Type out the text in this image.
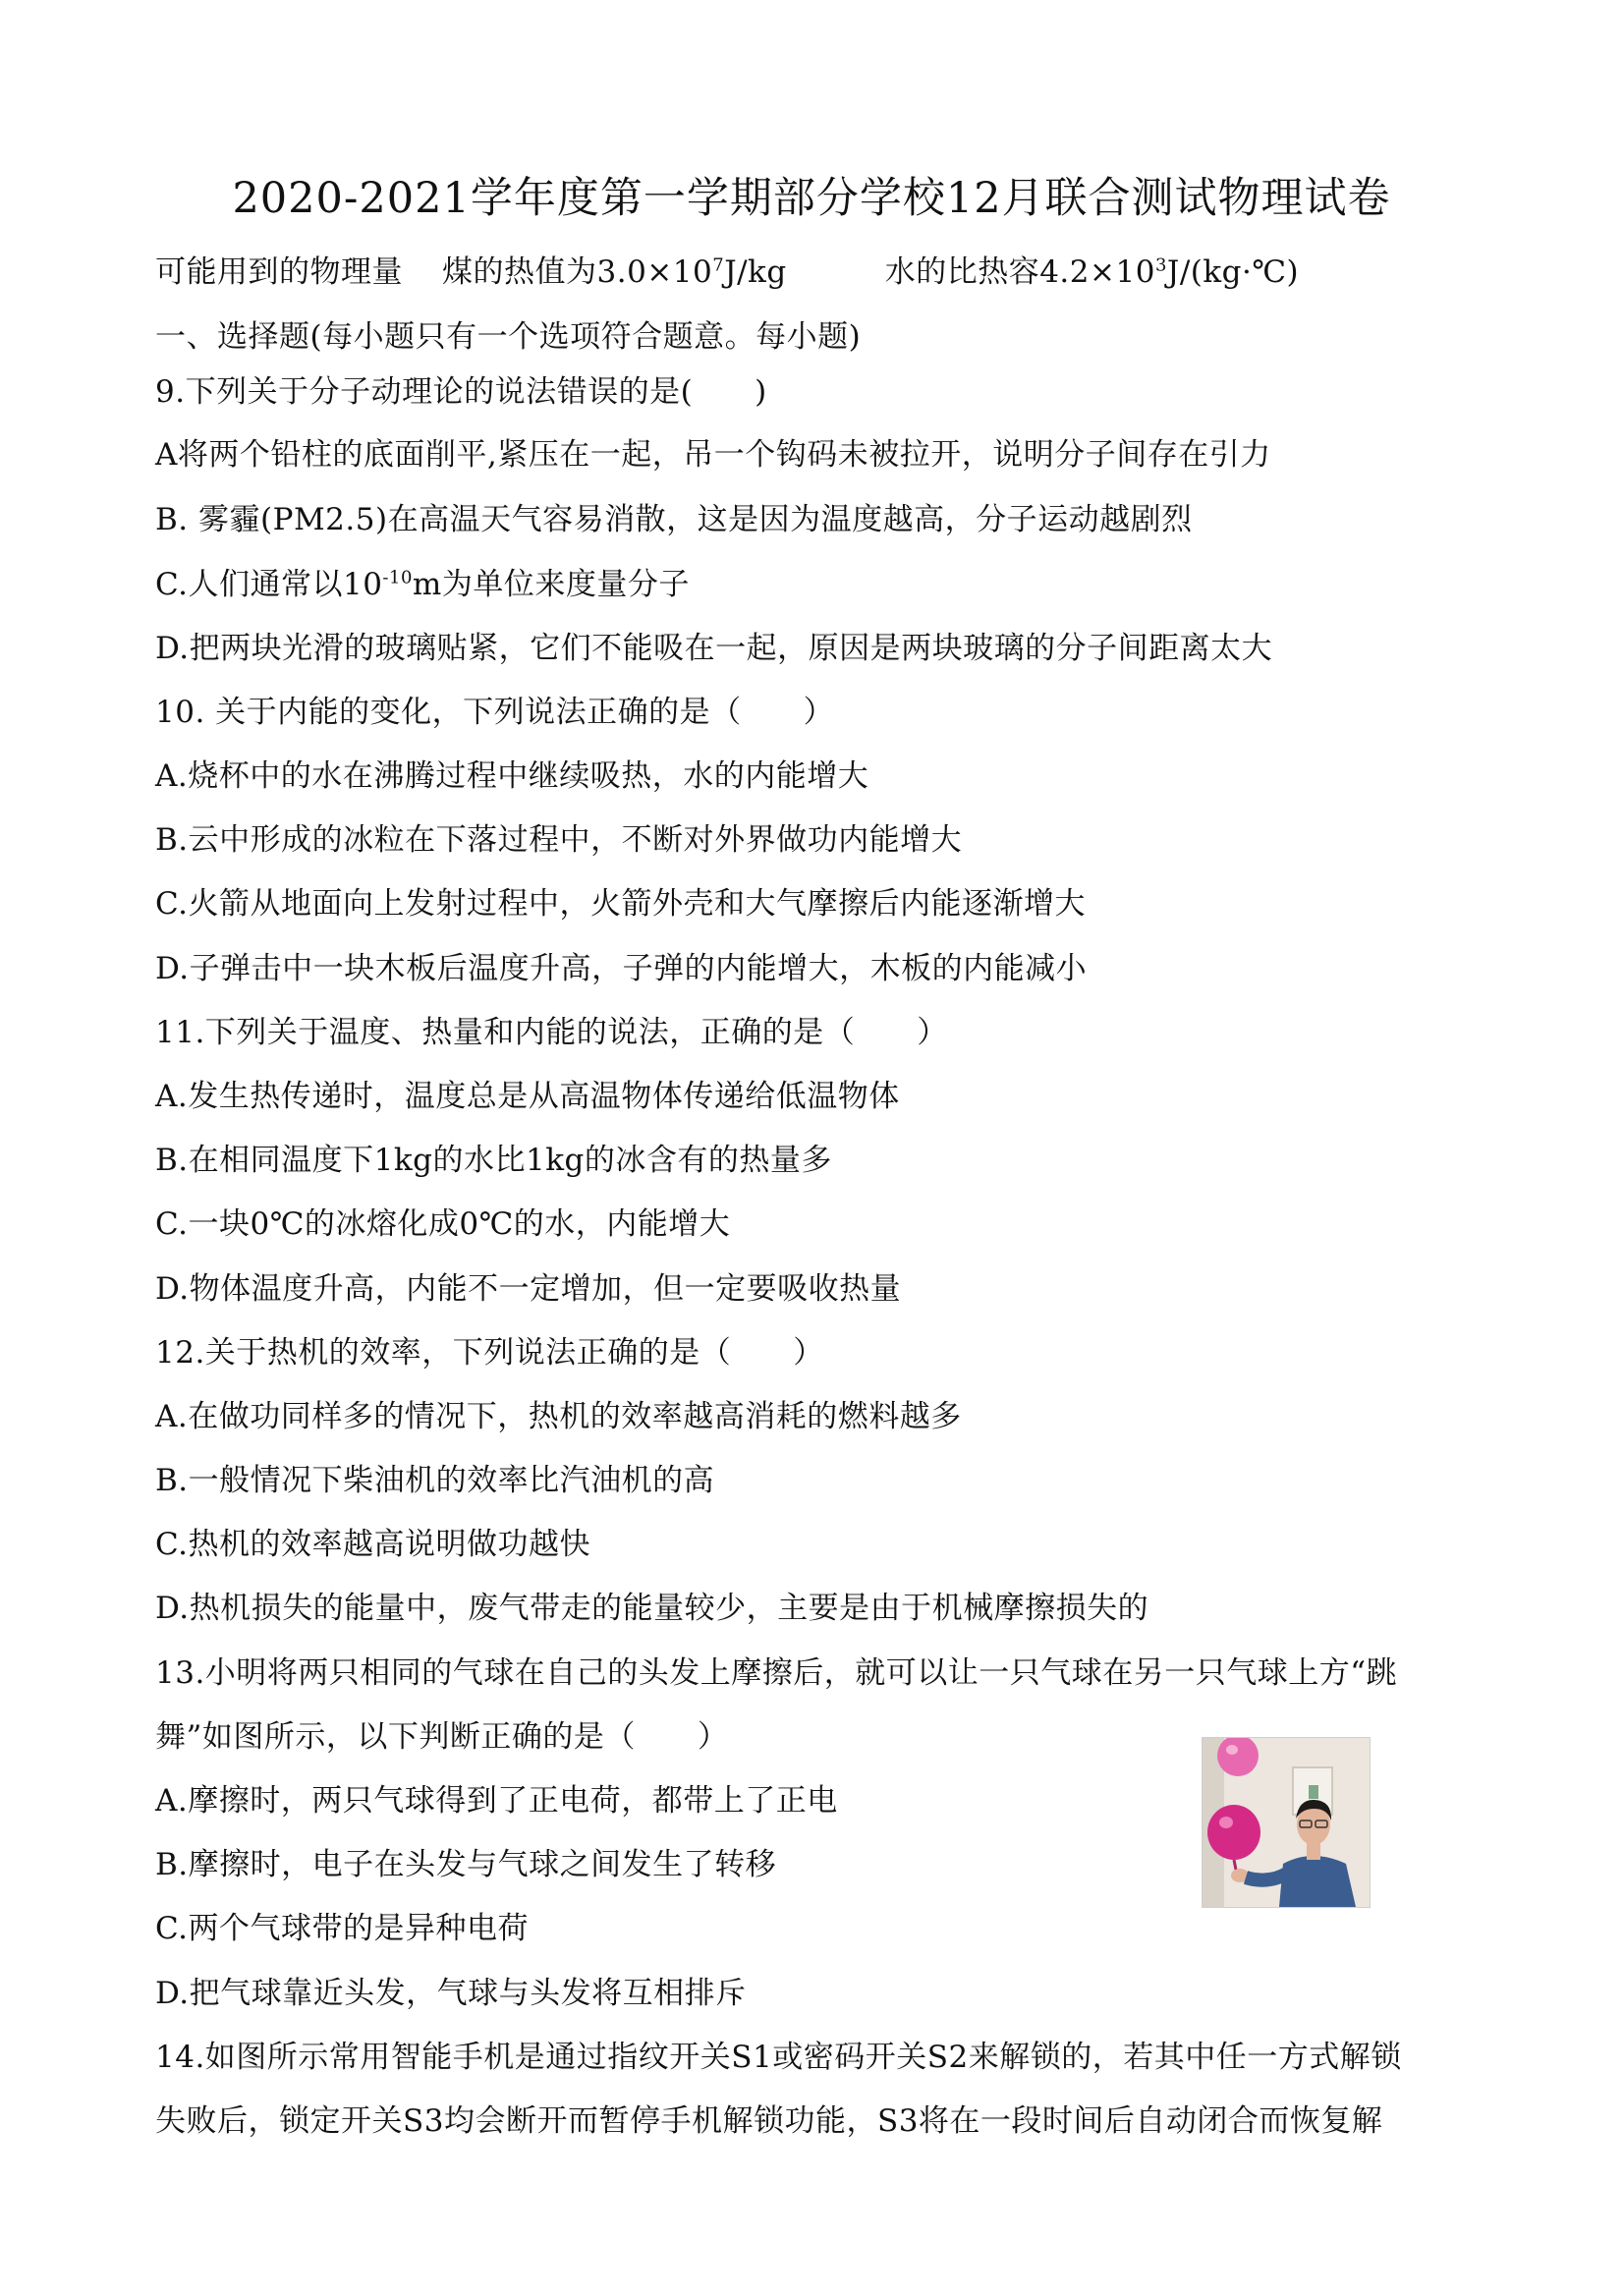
2020-2021学年度第一学期部分学校12月联合测试物理试卷
可能用到的物理量 煤的热值为$3.0\times 10^7J/kg$	水的比热容$4.2\times 10^3J/(kg\cdot℃)$
一、选择题(每小题只有一个选项符合题意。每小题)
9.下列关于分子动理论的说法错误的是(　　)
A将两个铅柱的底面削平,紧压在一起，吊一个钩码未被拉开，说明分子间存在引力
B. 雾霾(PM2.5)在高温天气容易消散，这是因为温度越高，分子运动越剧烈
C.人们通常以$10^{-10}m$为单位来度量分子
D.把两块光滑的玻璃贴紧，它们不能吸在一起，原因是两块玻璃的分子间距离太大
10. 关于内能的变化，下列说法正确的是（　　）
A.烧杯中的水在沸腾过程中继续吸热，水的内能增大
B.云中形成的冰粒在下落过程中，不断对外界做功内能增大
C.火箭从地面向上发射过程中，火箭外壳和大气摩擦后内能逐渐增大
D.子弹击中一块木板后温度升高，子弹的内能增大，木板的内能减小
11.下列关于温度、热量和内能的说法，正确的是（　　）
A.发生热传递时，温度总是从高温物体传递给低温物体
B.在相同温度下1kg的水比1kg的冰含有的热量多
C.一块0℃的冰熔化成0℃的水，内能增大
D.物体温度升高，内能不一定增加，但一定要吸收热量
12.关于热机的效率，下列说法正确的是（　　）
A.在做功同样多的情况下，热机的效率越高消耗的燃料越多
B.一般情况下柴油机的效率比汽油机的高
C.热机的效率越高说明做功越快
D.热机损失的能量中，废气带走的能量较少，主要是由于机械摩擦损失的
13.小明将两只相同的气球在自己的头发上摩擦后，就可以让一只气球在另一只气球上方“跳
舞”如图所示，以下判断正确的是（　　）
A.摩擦时，两只气球得到了正电荷，都带上了正电
B.摩擦时，电子在头发与气球之间发生了转移
C.两个气球带的是异种电荷
D.把气球靠近头发，气球与头发将互相排斥
14.如图所示常用智能手机是通过指纹开关S1或密码开关S2来解锁的，若其中任一方式解锁
失败后，锁定开关S3均会断开而暂停手机解锁功能，S3将在一段时间后自动闭合而恢复解
